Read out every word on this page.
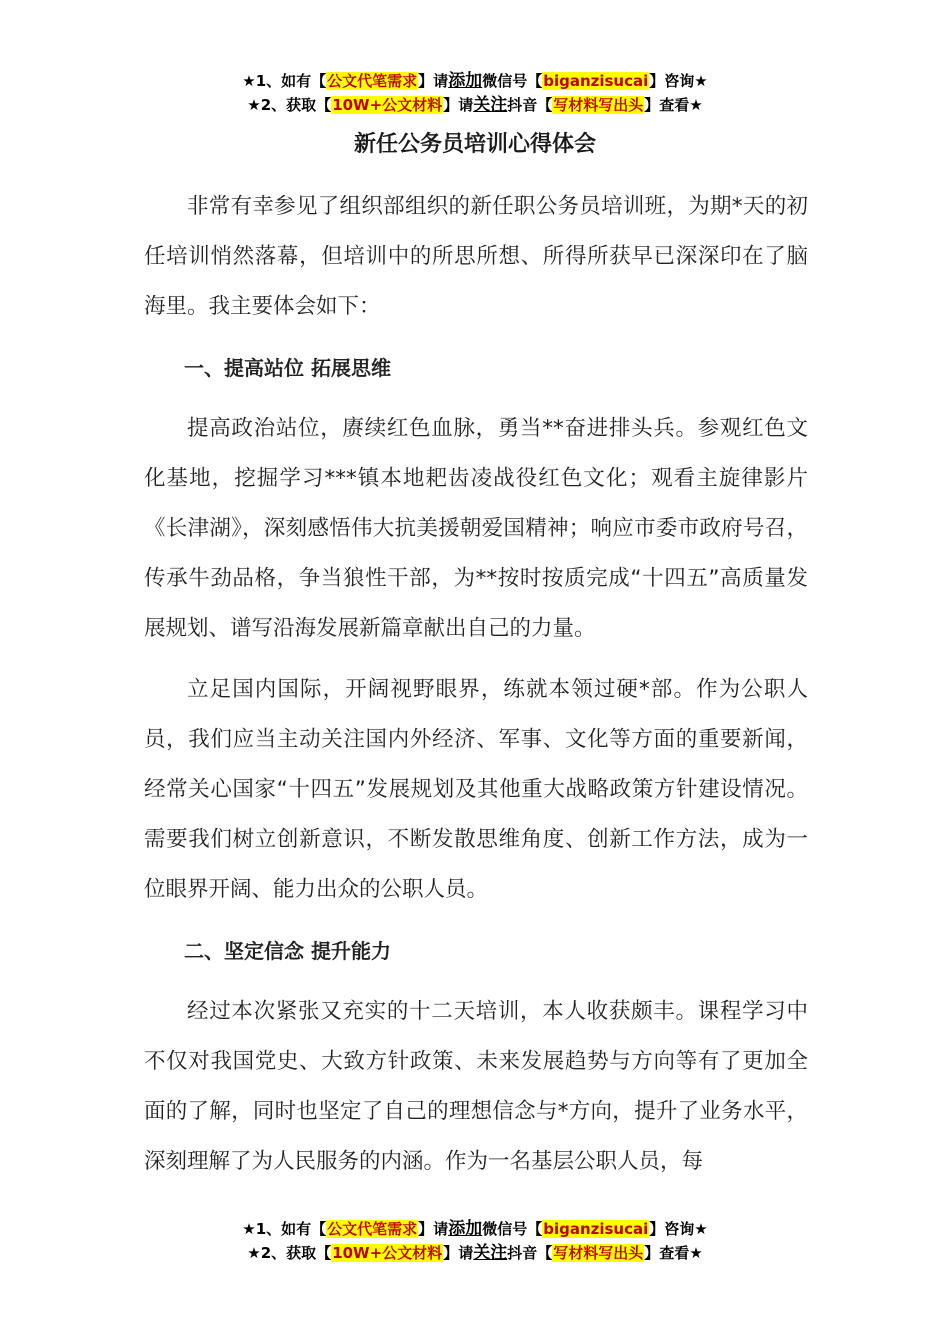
★1、如有【公文代笔需求】请添加微信号【biganzisucai】咨询★
★2、获取【10W+公文材料】请关注抖音【写材料写出头】查看★
新任公务员培训心得体会

非常有幸参见了组织部组织的新任职公务员培训班，为期*天的初任培训悄然落幕，但培训中的所思所想、所得所获早已深深印在了脑海里。我主要体会如下：

一、提高站位 拓展思维

提高政治站位，赓续红色血脉，勇当**奋进排头兵。参观红色文化基地，挖掘学习***镇本地耙齿凌战役红色文化；观看主旋律影片《长津湖》，深刻感悟伟大抗美援朝爱国精神；响应市委市政府号召，传承牛劲品格，争当狼性干部，为**按时按质完成“十四五”高质量发展规划、谱写沿海发展新篇章献出自己的力量。

立足国内国际，开阔视野眼界，练就本领过硬*部。作为公职人员，我们应当主动关注国内外经济、军事、文化等方面的重要新闻，经常关心国家“十四五”发展规划及其他重大战略政策方针建设情况。需要我们树立创新意识，不断发散思维角度、创新工作方法，成为一位眼界开阔、能力出众的公职人员。

二、坚定信念 提升能力

经过本次紧张又充实的十二天培训，本人收获颇丰。课程学习中不仅对我国党史、大致方针政策、未来发展趋势与方向等有了更加全面的了解，同时也坚定了自己的理想信念与*方向，提升了业务水平，深刻理解了为人民服务的内涵。作为一名基层公职人员，每

★1、如有【公文代笔需求】请添加微信号【biganzisucai】咨询★
★2、获取【10W+公文材料】请关注抖音【写材料写出头】查看★
